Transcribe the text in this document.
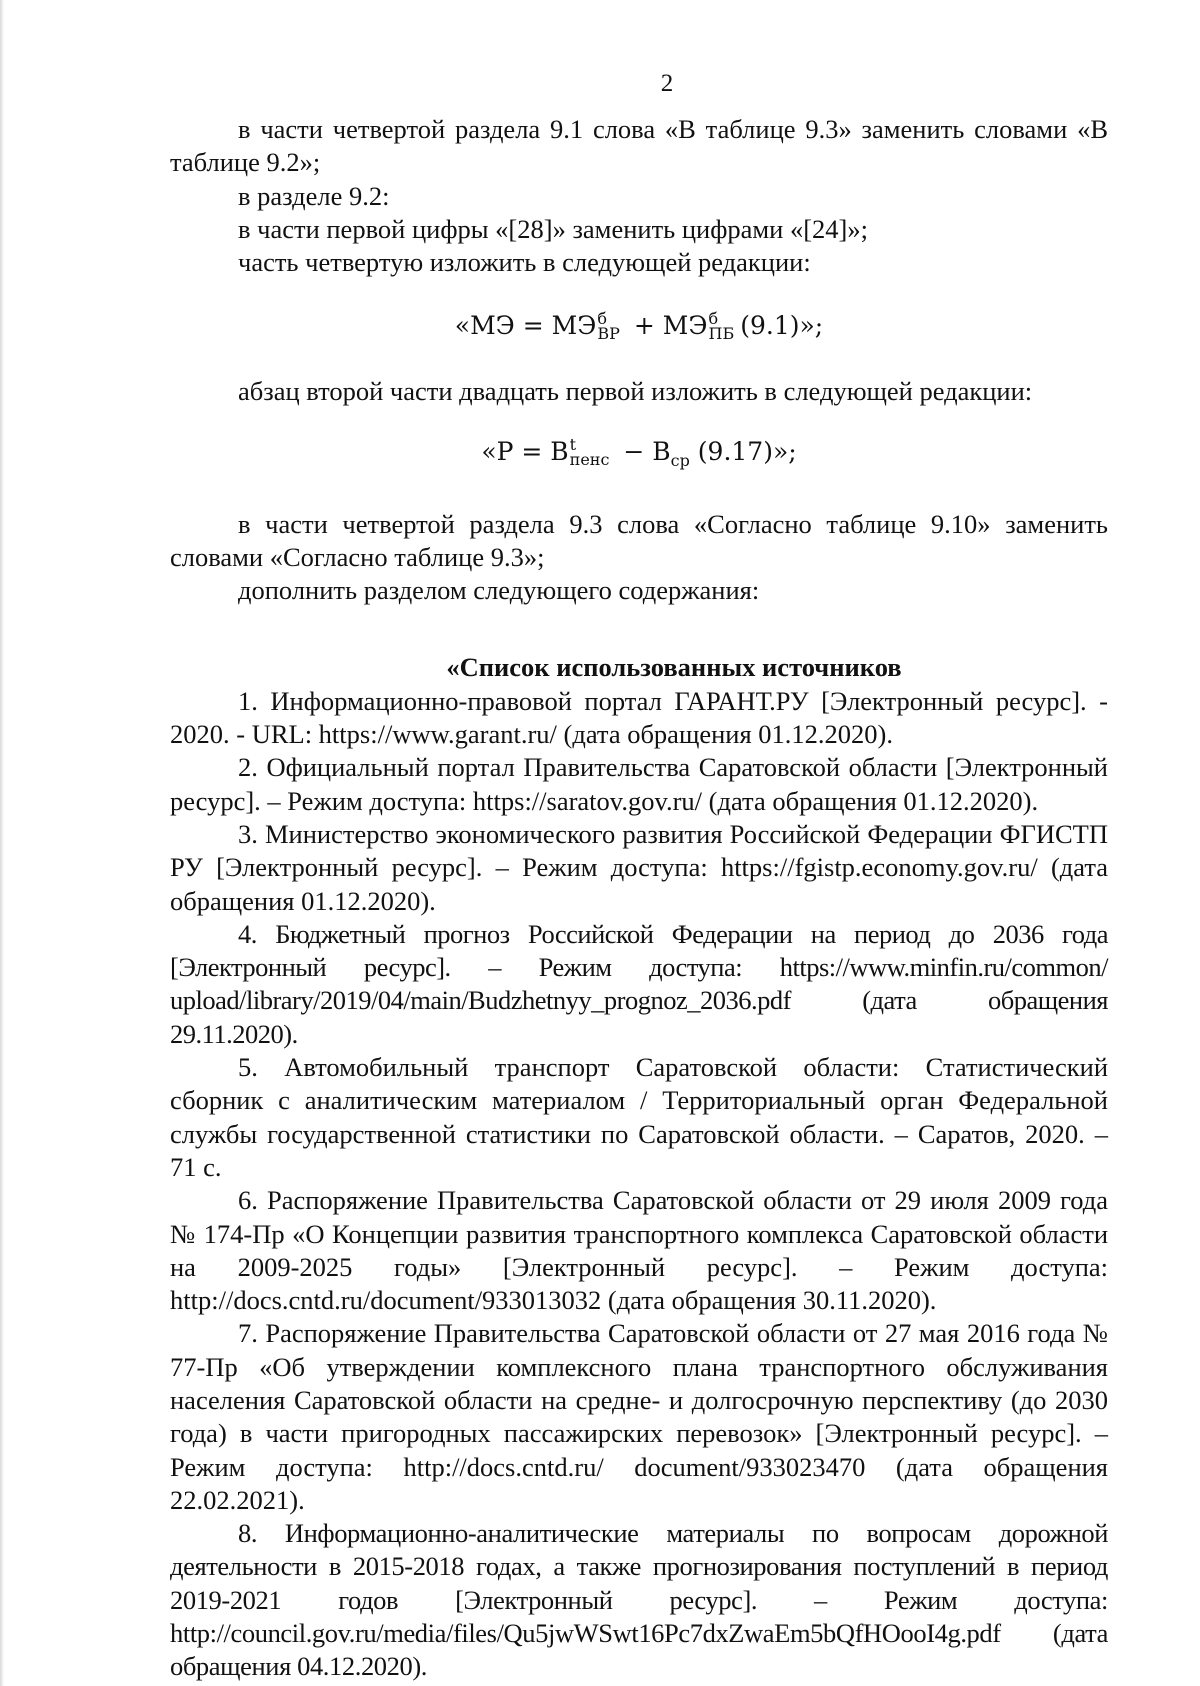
2

в части четвертой раздела 9.1 слова «В таблице 9.3» заменить словами «В таблице 9.2»;

в разделе 9.2:

в части первой цифры «[28]» заменить цифрами «[24]»;

часть четвертую изложить в следующей редакции:

«МЭ = МЭ б
ВР + МЭ б
ПБ (9.1)»;

абзац второй части двадцать первой изложить в следующей редакции:

«Р = В t
пенс − $В_{ср}$ (9.17)»;

в части четвертой раздела 9.3 слова «Согласно таблице 9.10» заменить словами «Согласно таблице 9.3»;

дополнить разделом следующего содержания:

«Список использованных источников

1. Информационно-правовой портал ГАРАНТ.РУ [Электронный ресурс]. - 2020. - URL: https://www.garant.ru/ (дата обращения 01.12.2020).

2. Официальный портал Правительства Саратовской области [Электронный ресурс]. – Режим доступа: https://saratov.gov.ru/ (дата обращения 01.12.2020).

3. Министерство экономического развития Российской Федерации ФГИСТП РУ [Электронный ресурс]. – Режим доступа: https://fgistp.economy.gov.ru/ (дата обращения 01.12.2020).

4. Бюджетный прогноз Российской Федерации на период до 2036 года [Электронный ресурс]. – Режим доступа: https://www.minfin.ru/common/ upload/library/2019/04/main/Budzhetnyy_prognoz_2036.pdf (дата обращения 29.11.2020).

5. Автомобильный транспорт Саратовской области: Статистический сборник с аналитическим материалом / Территориальный орган Федеральной службы государственной статистики по Саратовской области. – Саратов, 2020. – 71 с.

6. Распоряжение Правительства Саратовской области от 29 июля 2009 года № 174-Пр «О Концепции развития транспортного комплекса Саратовской области на 2009-2025 годы» [Электронный ресурс]. – Режим доступа: http://docs.cntd.ru/document/933013032 (дата обращения 30.11.2020).

7. Распоряжение Правительства Саратовской области от 27 мая 2016 года № 77-Пр «Об утверждении комплексного плана транспортного обслуживания населения Саратовской области на средне- и долгосрочную перспективу (до 2030 года) в части пригородных пассажирских перевозок» [Электронный ресурс]. – Режим доступа: http://docs.cntd.ru/ document/933023470 (дата обращения 22.02.2021).

8. Информационно-аналитические материалы по вопросам дорожной деятельности в 2015-2018 годах, а также прогнозирования поступлений в период 2019-2021 годов [Электронный ресурс]. – Режим доступа: http://council.gov.ru/media/files/Qu5jwWSwt16Pc7dxZwaEm5bQfHOooI4g.pdf (дата обращения 04.12.2020).
